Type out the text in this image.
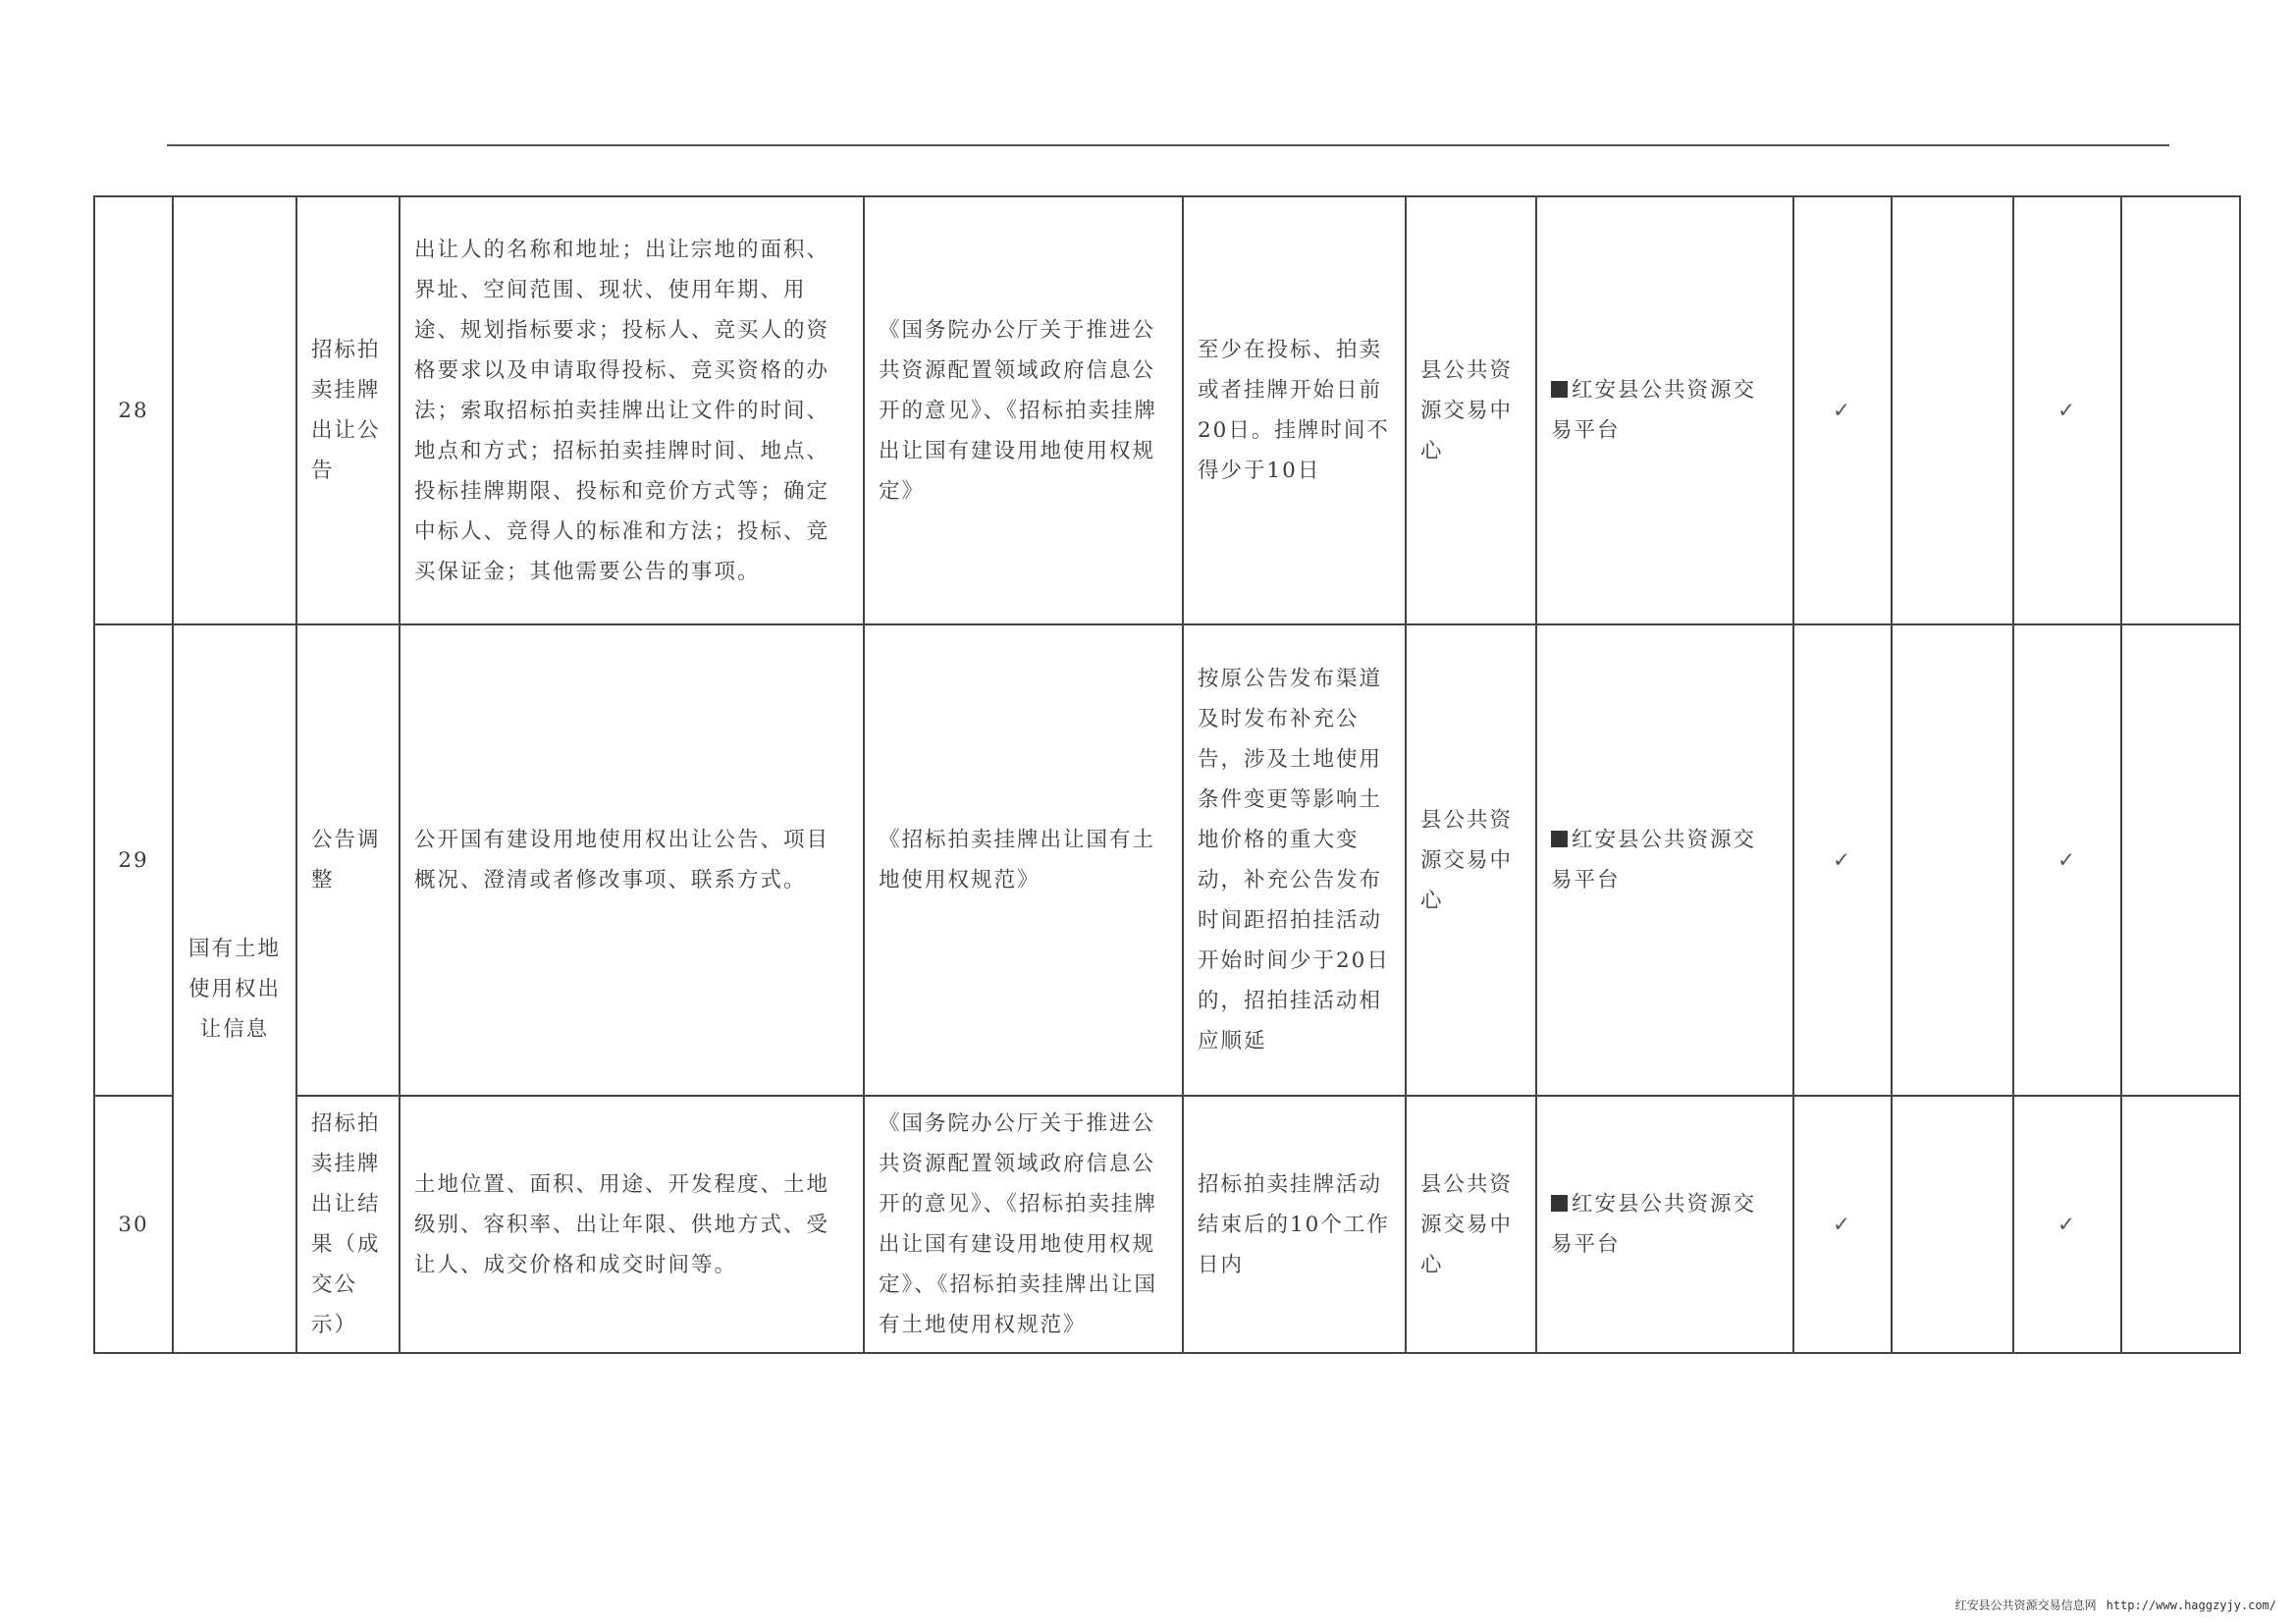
28		招标拍卖挂牌出让公告	出让人的名称和地址；出让宗地的面积、界址、空间范围、现状、使用年期、用途、规划指标要求；投标人、竞买人的资格要求以及申请取得投标、竞买资格的办法；索取招标拍卖挂牌出让文件的时间、地点和方式；招标拍卖挂牌时间、地点、投标挂牌期限、投标和竞价方式等；确定中标人、竞得人的标准和方法；投标、竞买保证金；其他需要公告的事项。	《国务院办公厅关于推进公共资源配置领域政府信息公开的意见》、《招标拍卖挂牌出让国有建设用地使用权规定》	至少在投标、拍卖或者挂牌开始日前20日。挂牌时间不得少于10日	县公共资源交易中心	红安县公共资源交易平台	✓		✓	
29	国有土地使用权出让信息	公告调整	公开国有建设用地使用权出让公告、项目概况、澄清或者修改事项、联系方式。	《招标拍卖挂牌出让国有土地使用权规范》	按原公告发布渠道及时发布补充公告，涉及土地使用条件变更等影响土地价格的重大变动，补充公告发布时间距招拍挂活动开始时间少于20日的，招拍挂活动相应顺延	县公共资源交易中心	红安县公共资源交易平台	✓		✓	
30		招标拍卖挂牌出让结果（成交公示）	土地位置、面积、用途、开发程度、土地级别、容积率、出让年限、供地方式、受让人、成交价格和成交时间等。	《国务院办公厅关于推进公共资源配置领域政府信息公开的意见》、《招标拍卖挂牌出让国有建设用地使用权规定》、《招标拍卖挂牌出让国有土地使用权规范》	招标拍卖挂牌活动结束后的10个工作日内	县公共资源交易中心	红安县公共资源交易平台	✓		✓	
红安县公共资源交易信息网 http://www.haggzyjy.com/
